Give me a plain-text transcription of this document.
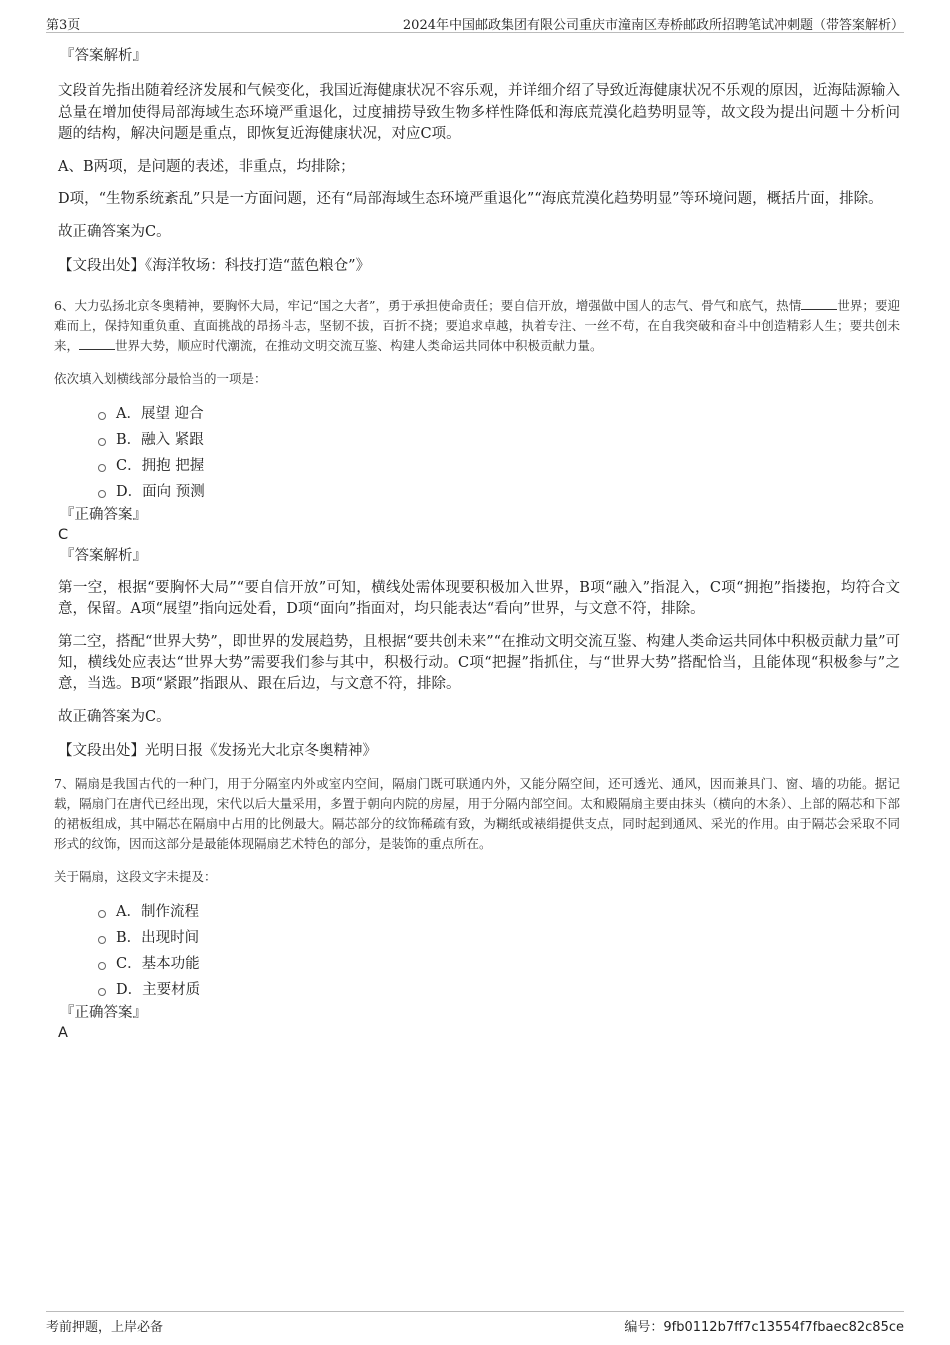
第3页	2024年中国邮政集团有限公司重庆市潼南区寿桥邮政所招聘笔试冲刺题（带答案解析）
『答案解析』
文段首先指出随着经济发展和气候变化，我国近海健康状况不容乐观，并详细介绍了导致近海健康状况不乐观的原因，近海陆源输入总量在增加使得局部海域生态环境严重退化，过度捕捞导致生物多样性降低和海底荒漠化趋势明显等，故文段为提出问题＋分析问题的结构，解决问题是重点，即恢复近海健康状况，对应C项。
A、B两项，是问题的表述，非重点，均排除；
D项，“生物系统紊乱”只是一方面问题，还有“局部海域生态环境严重退化”“海底荒漠化趋势明显”等环境问题，概括片面，排除。
故正确答案为C。
【文段出处】《海洋牧场：科技打造“蓝色粮仓”》
6、大力弘扬北京冬奥精神，要胸怀大局，牢记“国之大者”，勇于承担使命责任；要自信开放，增强做中国人的志气、骨气和底气，热情	世界；要迎难而上，保持知重负重、直面挑战的昂扬斗志，坚韧不拔，百折不挠；要追求卓越，执着专注、一丝不苟，在自我突破和奋斗中创造精彩人生；要共创未来，	世界大势，顺应时代潮流，在推动文明交流互鉴、构建人类命运共同体中积极贡献力量。
依次填入划横线部分最恰当的一项是：
A．展望 迎合
B．融入 紧跟
C．拥抱 把握
D．面向 预测
『正确答案』
C
『答案解析』
第一空，根据“要胸怀大局”“要自信开放”可知，横线处需体现要积极加入世界，B项“融入”指混入，C项“拥抱”指搂抱，均符合文意，保留。A项“展望”指向远处看，D项“面向”指面对，均只能表达“看向”世界，与文意不符，排除。
第二空，搭配“世界大势”，即世界的发展趋势，且根据“要共创未来”“在推动文明交流互鉴、构建人类命运共同体中积极贡献力量”可知，横线处应表达“世界大势”需要我们参与其中，积极行动。C项“把握”指抓住，与“世界大势”搭配恰当，且能体现“积极参与”之意，当选。B项“紧跟”指跟从、跟在后边，与文意不符，排除。
故正确答案为C。
【文段出处】光明日报《发扬光大北京冬奥精神》
7、隔扇是我国古代的一种门，用于分隔室内外或室内空间，隔扇门既可联通内外，又能分隔空间，还可透光、通风，因而兼具门、窗、墙的功能。据记载，隔扇门在唐代已经出现，宋代以后大量采用，多置于朝向内院的房屋，用于分隔内部空间。太和殿隔扇主要由抹头（横向的木条）、上部的隔芯和下部的裙板组成，其中隔芯在隔扇中占用的比例最大。隔芯部分的纹饰稀疏有致，为糊纸或裱绢提供支点，同时起到通风、采光的作用。由于隔芯会采取不同形式的纹饰，因而这部分是最能体现隔扇艺术特色的部分，是装饰的重点所在。
关于隔扇，这段文字未提及：
A．制作流程
B．出现时间
C．基本功能
D．主要材质
『正确答案』
A
考前押题，上岸必备	编号：9fb0112b7ff7c13554f7fbaec82c85ce
